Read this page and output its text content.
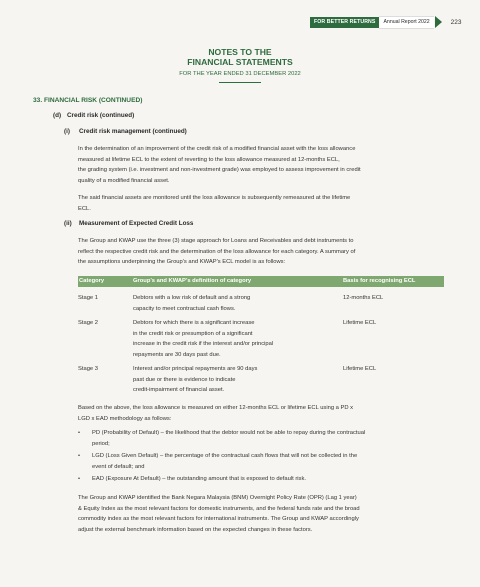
FOR BETTER RETURNS	Annual Report 2022	223
NOTES TO THE
FINANCIAL STATEMENTS
FOR THE YEAR ENDED 31 DECEMBER 2022
33. FINANCIAL RISK (CONTINUED)
(d) Credit risk (continued)
(i) Credit risk management (continued)
In the determination of an improvement of the credit risk of a modified financial asset with the loss allowance
measured at lifetime ECL to the extent of reverting to the loss allowance measured at 12-months ECL,
the grading system (i.e. investment and non-investment grade) was employed to assess improvement in credit
quality of a modified financial asset.
The said financial assets are monitored until the loss allowance is subsequently remeasured at the lifetime
ECL.
(ii) Measurement of Expected Credit Loss
The Group and KWAP use the three (3) stage approach for Loans and Receivables and debt instruments to
reflect the respective credit risk and the determination of the loss allowance for each category. A summary of
the assumptions underpinning the Group’s and KWAP’s ECL model is as follows:
Category	Group’s and KWAP’s definition of category	Basis for recognising ECL
Stage 1	Debtors with a low risk of default and a strong
capacity to meet contractual cash flows.
12-months ECL
Stage 2	Debtors for which there is a significant increase
in the credit risk or presumption of a significant
increase in the credit risk if the interest and/or principal
repayments are 30 days past due.
Lifetime ECL
Stage 3	Interest and/or principal repayments are 90 days
past due or there is evidence to indicate
credit-impairment of financial asset.
Lifetime ECL
Based on the above, the loss allowance is measured on either 12-months ECL or lifetime ECL using a PD x
LGD x EAD methodology as follows:
• PD (Probability of Default) – the likelihood that the debtor would not be able to repay during the contractual
period;
• LGD (Loss Given Default) – the percentage of the contractual cash flows that will not be collected in the
event of default; and
• EAD (Exposure At Default) – the outstanding amount that is exposed to default risk.
The Group and KWAP identified the Bank Negara Malaysia (BNM) Overnight Policy Rate (OPR) (Lag 1 year)
& Equity Index as the most relevant factors for domestic instruments, and the federal funds rate and the broad
commodity index as the most relevant factors for international instruments. The Group and KWAP accordingly
adjust the external benchmark information based on the expected changes in these factors.
